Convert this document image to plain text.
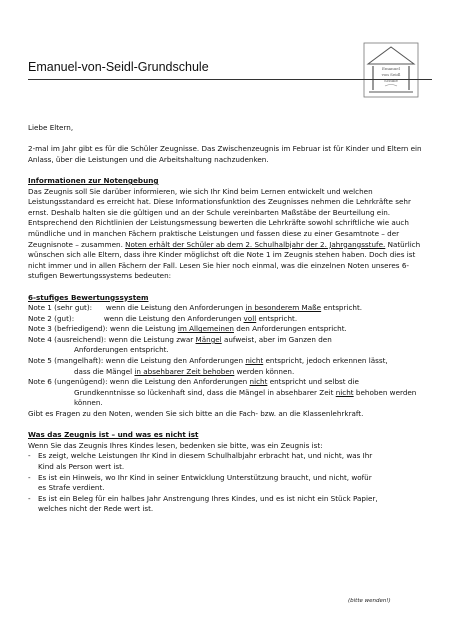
Emanuel-von-Seidl-Grundschule	Emanuel
von Seidl
Schule

Liebe Eltern,

2-mal im Jahr gibt es für die Schüler Zeugnisse. Das Zwischenzeugnis im Februar ist für Kinder und Eltern ein Anlass, über die Leistungen und die Arbeitshaltung nachzudenken.

Informationen zur Notengebung

Das Zeugnis soll Sie darüber informieren, wie sich Ihr Kind beim Lernen entwickelt und welchen Leistungsstandard es erreicht hat. Diese Informationsfunktion des Zeugnisses nehmen die Lehrkräfte sehr ernst. Deshalb halten sie die gültigen und an der Schule vereinbarten Maßstäbe der Beurteilung ein. Entsprechend den Richtlinien der Leistungsmessung bewerten die Lehrkräfte sowohl schriftliche wie auch mündliche und in manchen Fächern praktische Leistungen und fassen diese zu einer Gesamtnote – der Zeugnisnote – zusammen. Noten erhält der Schüler ab dem 2. Schulhalbjahr der 2. Jahrgangsstufe. Natürlich wünschen sich alle Eltern, dass ihre Kinder möglichst oft die Note 1 im Zeugnis stehen haben. Doch dies ist nicht immer und in allen Fächern der Fall. Lesen Sie hier noch einmal, was die einzelnen Noten unseres 6-stufigen Bewertungssystems bedeuten:

6-stufiges Bewertungssystem

Note 1 (sehr gut): wenn die Leistung den Anforderungen in besonderem Maße entspricht.

Note 2 (gut):	wenn die Leistung den Anforderungen voll entspricht.

Note 3 (befriedigend): wenn die Leistung im Allgemeinen den Anforderungen entspricht.

Note 4 (ausreichend): wenn die Leistung zwar Mängel aufweist, aber im Ganzen den

Anforderungen entspricht.

Note 5 (mangelhaft): wenn die Leistung den Anforderungen nicht entspricht, jedoch erkennen lässt,

dass die Mängel in absehbarer Zeit behoben werden können.

Note 6 (ungenügend): wenn die Leistung den Anforderungen nicht entspricht und selbst die

Grundkenntnisse so lückenhaft sind, dass die Mängel in absehbarer Zeit nicht behoben werden

können.

Gibt es Fragen zu den Noten, wenden Sie sich bitte an die Fach- bzw. an die Klassenlehrkraft.

Was das Zeugnis ist – und was es nicht ist

Wenn Sie das Zeugnis Ihres Kindes lesen, bedenken sie bitte, was ein Zeugnis ist:

-	Es zeigt, welche Leistungen Ihr Kind in diesem Schulhalbjahr erbracht hat, und nicht, was Ihr
Kind als Person wert ist.
-	Es ist ein Hinweis, wo Ihr Kind in seiner Entwicklung Unterstützung braucht, und nicht, wofür
es Strafe verdient.
-	Es ist ein Beleg für ein halbes Jahr Anstrengung Ihres Kindes, und es ist nicht ein Stück Papier,
welches nicht der Rede wert ist.
(bitte wenden!)
